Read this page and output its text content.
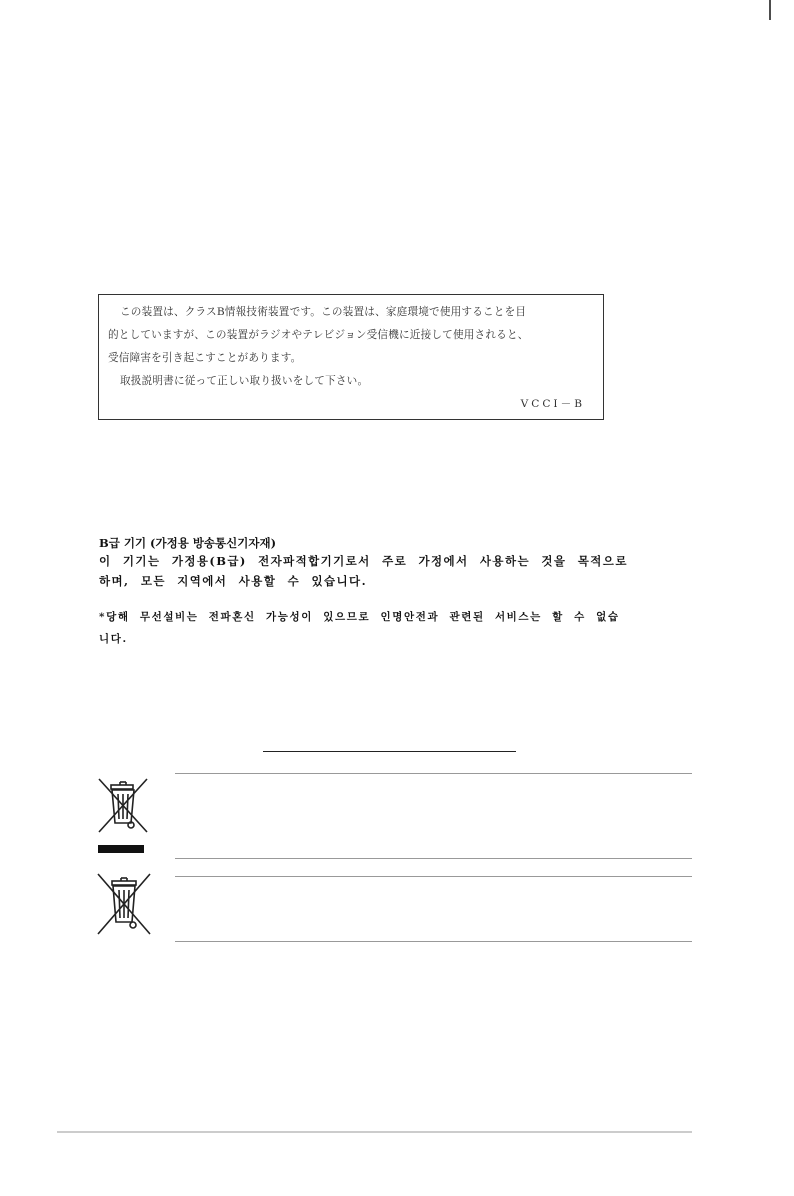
この装置は、クラスB情報技術装置です。この装置は、家庭環境で使用することを目
的としていますが、この装置がラジオやテレビジョン受信機に近接して使用されると、
受信障害を引き起こすことがあります。
取扱説明書に従って正しい取り扱いをして下さい。
VCCI－B
B급 기기 (가정용 방송통신기자재)
이 기기는 가정용(B급) 전자파적합기기로서 주로 가정에서 사용하는 것을 목적으로
하며, 모든 지역에서 사용할 수 있습니다.
*당해 무선설비는 전파혼신 가능성이 있으므로 인명안전과 관련된 서비스는 할 수 없습
니다.
